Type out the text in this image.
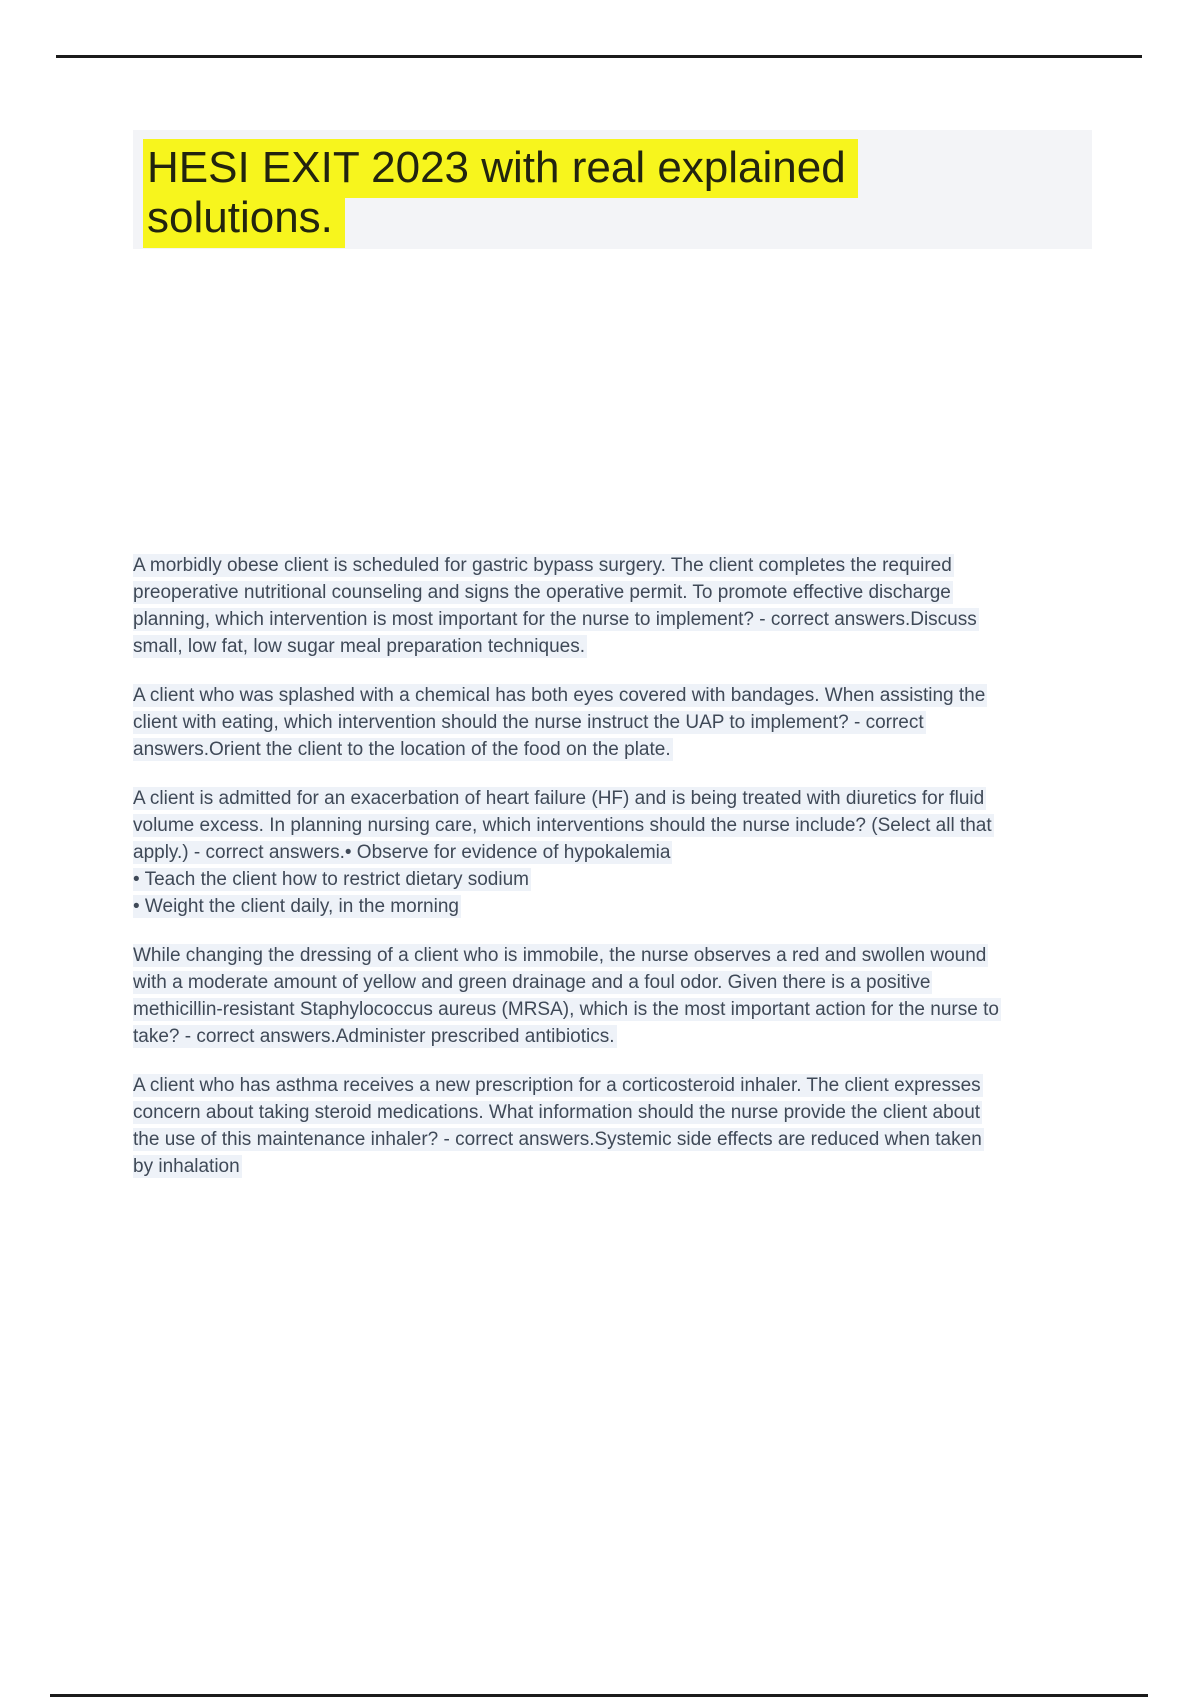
HESI EXIT 2023 with real explained solutions.
A morbidly obese client is scheduled for gastric bypass surgery. The client completes the required preoperative nutritional counseling and signs the operative permit. To promote effective discharge planning, which intervention is most important for the nurse to implement? - correct answers.Discuss small, low fat, low sugar meal preparation techniques.
A client who was splashed with a chemical has both eyes covered with bandages. When assisting the client with eating, which intervention should the nurse instruct the UAP to implement? - correct answers.Orient the client to the location of the food on the plate.
A client is admitted for an exacerbation of heart failure (HF) and is being treated with diuretics for fluid volume excess. In planning nursing care, which interventions should the nurse include? (Select all that apply.) - correct answers.• Observe for evidence of hypokalemia
• Teach the client how to restrict dietary sodium
• Weight the client daily, in the morning
While changing the dressing of a client who is immobile, the nurse observes a red and swollen wound with a moderate amount of yellow and green drainage and a foul odor. Given there is a positive methicillin-resistant Staphylococcus aureus (MRSA), which is the most important action for the nurse to take? - correct answers.Administer prescribed antibiotics.
A client who has asthma receives a new prescription for a corticosteroid inhaler. The client expresses concern about taking steroid medications. What information should the nurse provide the client about the use of this maintenance inhaler? - correct answers.Systemic side effects are reduced when taken by inhalation
